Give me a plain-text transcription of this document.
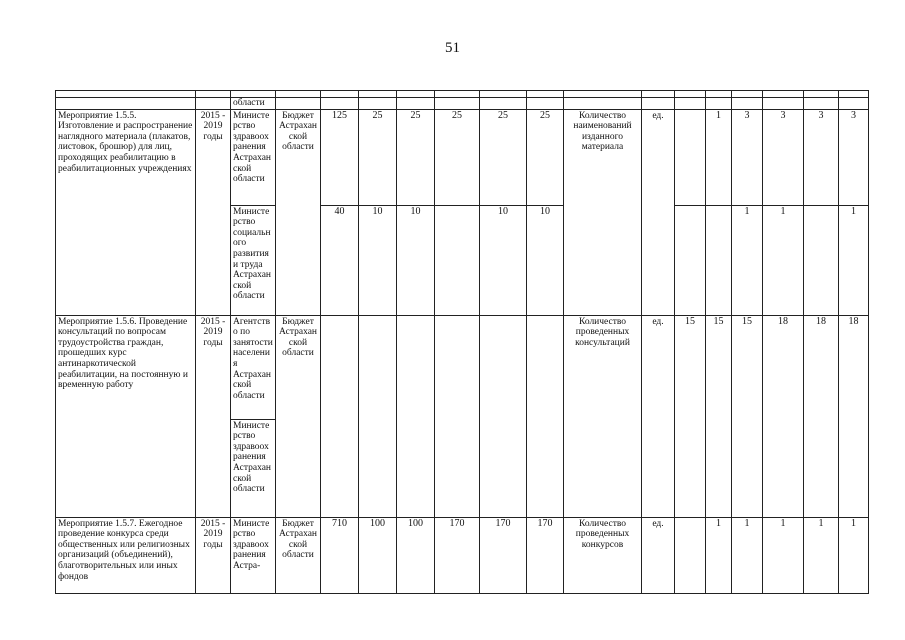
51

		области															
Мероприятие 1.5.5. Изготовление и распространение наглядного материала (плакатов, листовок, брошюр) для лиц, проходящих реабилитацию в реабилитационных учреждениях	2015 - 2019 годы	Министерство здравоохранения Астраханской области	Бюджет Астраханской области	125	25	25	25	25	25	Количество наименований изданного материала	ед.		1	3	3	3	3
		Министерство социального развития и труда Астраханской области		40	10	10		10	10					1	1		1
Мероприятие 1.5.6. Проведение консультаций по вопросам трудоустройства граждан, прошедших курс антинаркотической реабилитации, на постоянную и временную работу	2015 - 2019 годы	Агентство по занятости населения Астраханской области	Бюджет Астраханской области							Количество проведенных консультаций	ед.	15	15	15	18	18	18
		Министерство здравоохранения Астраханской области															
Мероприятие 1.5.7. Ежегодное проведение конкурса среди общественных или религиозных организаций (объединений), благотворительных или иных фондов	2015 - 2019 годы	Министерство здравоохранения Астра-	Бюджет Астраханской области	710	100	100	170	170	170	Количество проведенных конкурсов	ед.		1	1	1	1	1
